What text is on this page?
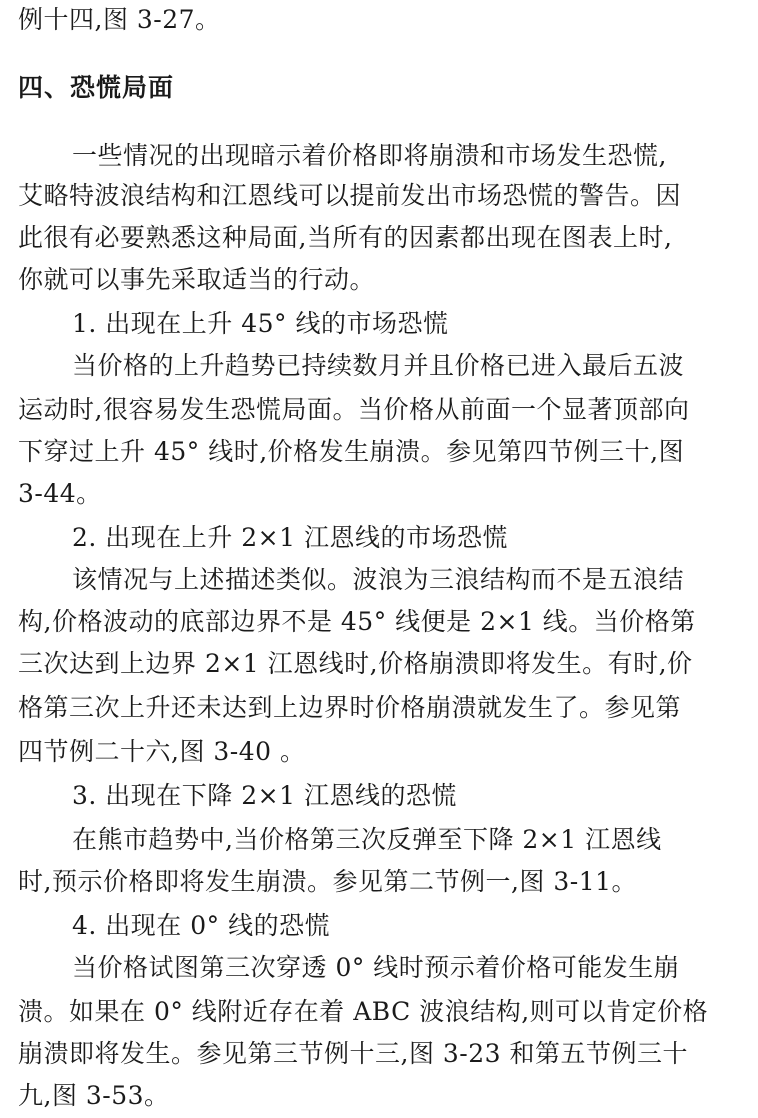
例十四,图 3-27。
四、恐慌局面
一些情况的出现暗示着价格即将崩溃和市场发生恐慌,
艾略特波浪结构和江恩线可以提前发出市场恐慌的警告。因
此很有必要熟悉这种局面,当所有的因素都出现在图表上时,
你就可以事先采取适当的行动。
1. 出现在上升 45° 线的市场恐慌
当价格的上升趋势已持续数月并且价格已进入最后五波
运动时,很容易发生恐慌局面。当价格从前面一个显著顶部向
下穿过上升 45° 线时,价格发生崩溃。参见第四节例三十,图
3-44。
2. 出现在上升 2×1 江恩线的市场恐慌
该情况与上述描述类似。波浪为三浪结构而不是五浪结
构,价格波动的底部边界不是 45° 线便是 2×1 线。当价格第
三次达到上边界 2×1 江恩线时,价格崩溃即将发生。有时,价
格第三次上升还未达到上边界时价格崩溃就发生了。参见第
四节例二十六,图 3-40 。
3. 出现在下降 2×1 江恩线的恐慌
在熊市趋势中,当价格第三次反弹至下降 2×1 江恩线
时,预示价格即将发生崩溃。参见第二节例一,图 3-11。
4. 出现在 0° 线的恐慌
当价格试图第三次穿透 0° 线时预示着价格可能发生崩
溃。如果在 0° 线附近存在着 ABC 波浪结构,则可以肯定价格
崩溃即将发生。参见第三节例十三,图 3-23 和第五节例三十
九,图 3-53。
